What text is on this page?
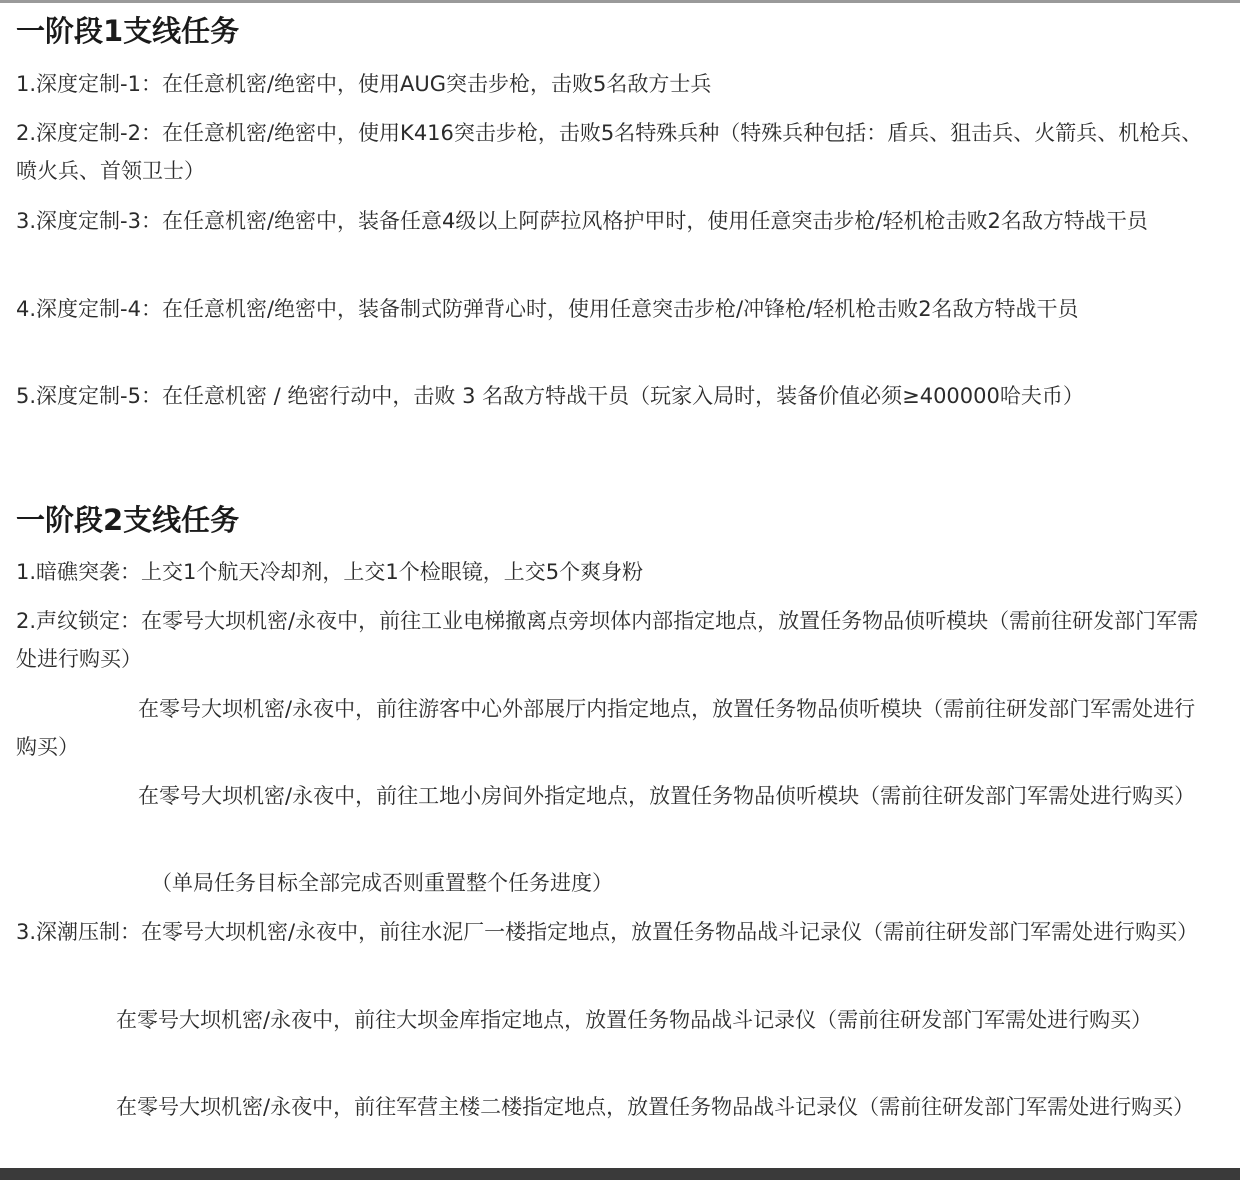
一阶段1支线任务

1.深度定制-1：在任意机密/绝密中，使用AUG突击步枪，击败5名敌方士兵

2.深度定制-2：在任意机密/绝密中，使用K416突击步枪，击败5名特殊兵种（特殊兵种包括：盾兵、狙击兵、火箭兵、机枪兵、喷火兵、首领卫士）

3.深度定制-3：在任意机密/绝密中，装备任意4级以上阿萨拉风格护甲时，使用任意突击步枪/轻机枪击败2名敌方特战干员

4.深度定制-4：在任意机密/绝密中，装备制式防弹背心时，使用任意突击步枪/冲锋枪/轻机枪击败2名敌方特战干员

5.深度定制-5：在任意机密 / 绝密行动中，击败 3 名敌方特战干员（玩家入局时，装备价值必须≥400000哈夫币）

一阶段2支线任务

1.暗礁突袭：上交1个航天冷却剂，上交1个检眼镜，上交5个爽身粉

2.声纹锁定：在零号大坝机密/永夜中，前往工业电梯撤离点旁坝体内部指定地点，放置任务物品侦听模块（需前往研发部门军需处进行购买）

在零号大坝机密/永夜中，前往游客中心外部展厅内指定地点，放置任务物品侦听模块（需前往研发部门军需处进行购买）

在零号大坝机密/永夜中，前往工地小房间外指定地点，放置任务物品侦听模块（需前往研发部门军需处进行购买）

（单局任务目标全部完成否则重置整个任务进度）

3.深潮压制：在零号大坝机密/永夜中，前往水泥厂一楼指定地点，放置任务物品战斗记录仪（需前往研发部门军需处进行购买）

在零号大坝机密/永夜中，前往大坝金库指定地点，放置任务物品战斗记录仪（需前往研发部门军需处进行购买）

在零号大坝机密/永夜中，前往军营主楼二楼指定地点，放置任务物品战斗记录仪（需前往研发部门军需处进行购买）
